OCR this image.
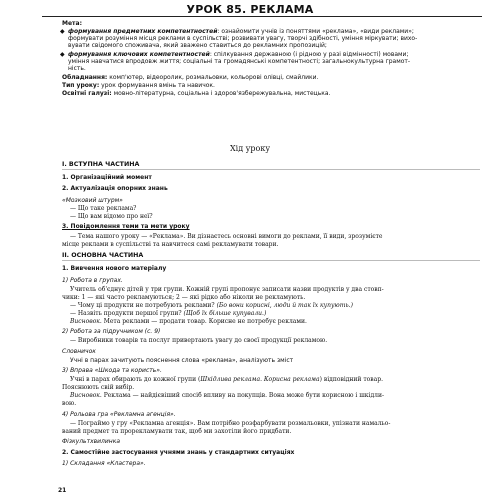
УРОК 85. РЕКЛАМА
Мета:
◆ формування предметних компетентностей: ознайомити учнів із поняттями «реклама», «види реклами»;
формувати розуміння місця реклами в суспільстві; розвивати увагу, творчі здібності, уміння міркувати; вихо-
вувати свідомого споживача, який зважено ставиться до рекламних пропозицій;
◆ формування ключових компетентностей: спілкування державною (і рідною у разі відмінності) мовами;
уміння навчатися впродовж життя; соціальні та громадянські компетентності; загальнокультурна грамот-
ність.
Обладнання: комп'ютер, відеоролик, розмальовки, кольорові олівці, смайлики.
Тип уроку: урок формування вмінь та навичок.
Освітні галузі: мовно-літературна, соціальна і здоров'язбережувальна, мистецька.
Хід уроку
I. ВСТУПНА ЧАСТИНА
1. Організаційний момент
2. Актуалізація опорних знань
«Мозковий штурм»
— Що таке реклама?
— Що вам відомо про неї?
3. Повідомлення теми та мети уроку
— Тема нашого уроку — «Реклама». Ви дізнаєтесь основні вимоги до реклами, її види, зрозумієте
місце реклами в суспільстві та навчитеся самі рекламувати товари.
II. ОСНОВНА ЧАСТИНА
1. Вивчення нового матеріалу
1) Робота в групах.
Учитель об'єднує дітей у три групи. Кожній групі пропонує записати назви продуктів у два стовп-
чики: 1 — які часто рекламуються; 2 — які рідко або ніколи не рекламують.
— Чому ці продукти не потребують реклами? (Бо вони корисні, люди й так їх купують.)
— Назвіть продукти першої групи? (Щоб їх більше купували.)
Висновок. Мета реклами — продати товар. Корисне не потребує реклами.
2) Робота за підручником (с. 9)
— Виробники товарів та послуг привертають увагу до своєї продукції рекламою.
Словничок
Учні в парах зачитують пояснення слова «реклама», аналізують зміст
3) Вправа «Шкода та користь».
Учні в парах обирають до кожної групи (Шкідлива реклама. Корисна реклама) відповідний товар.
Пояснюють свій вибір.
Висновок. Реклама — найдієвіший спосіб впливу на покупців. Вона може бути корисною і шкідли-
вою.
4) Рольова гра «Рекламна агенція».
— Пограймо у гру «Рекламна агенція». Вам потрібно розфарбувати розмальовки, упізнати намальо-
ваний предмет та прорекламувати так, щоб ми захотіли його придбати.
Фізкультхвилинка
2. Самостійне застосування учнями знань у стандартних ситуаціях
1) Складання «Кластера».
21
